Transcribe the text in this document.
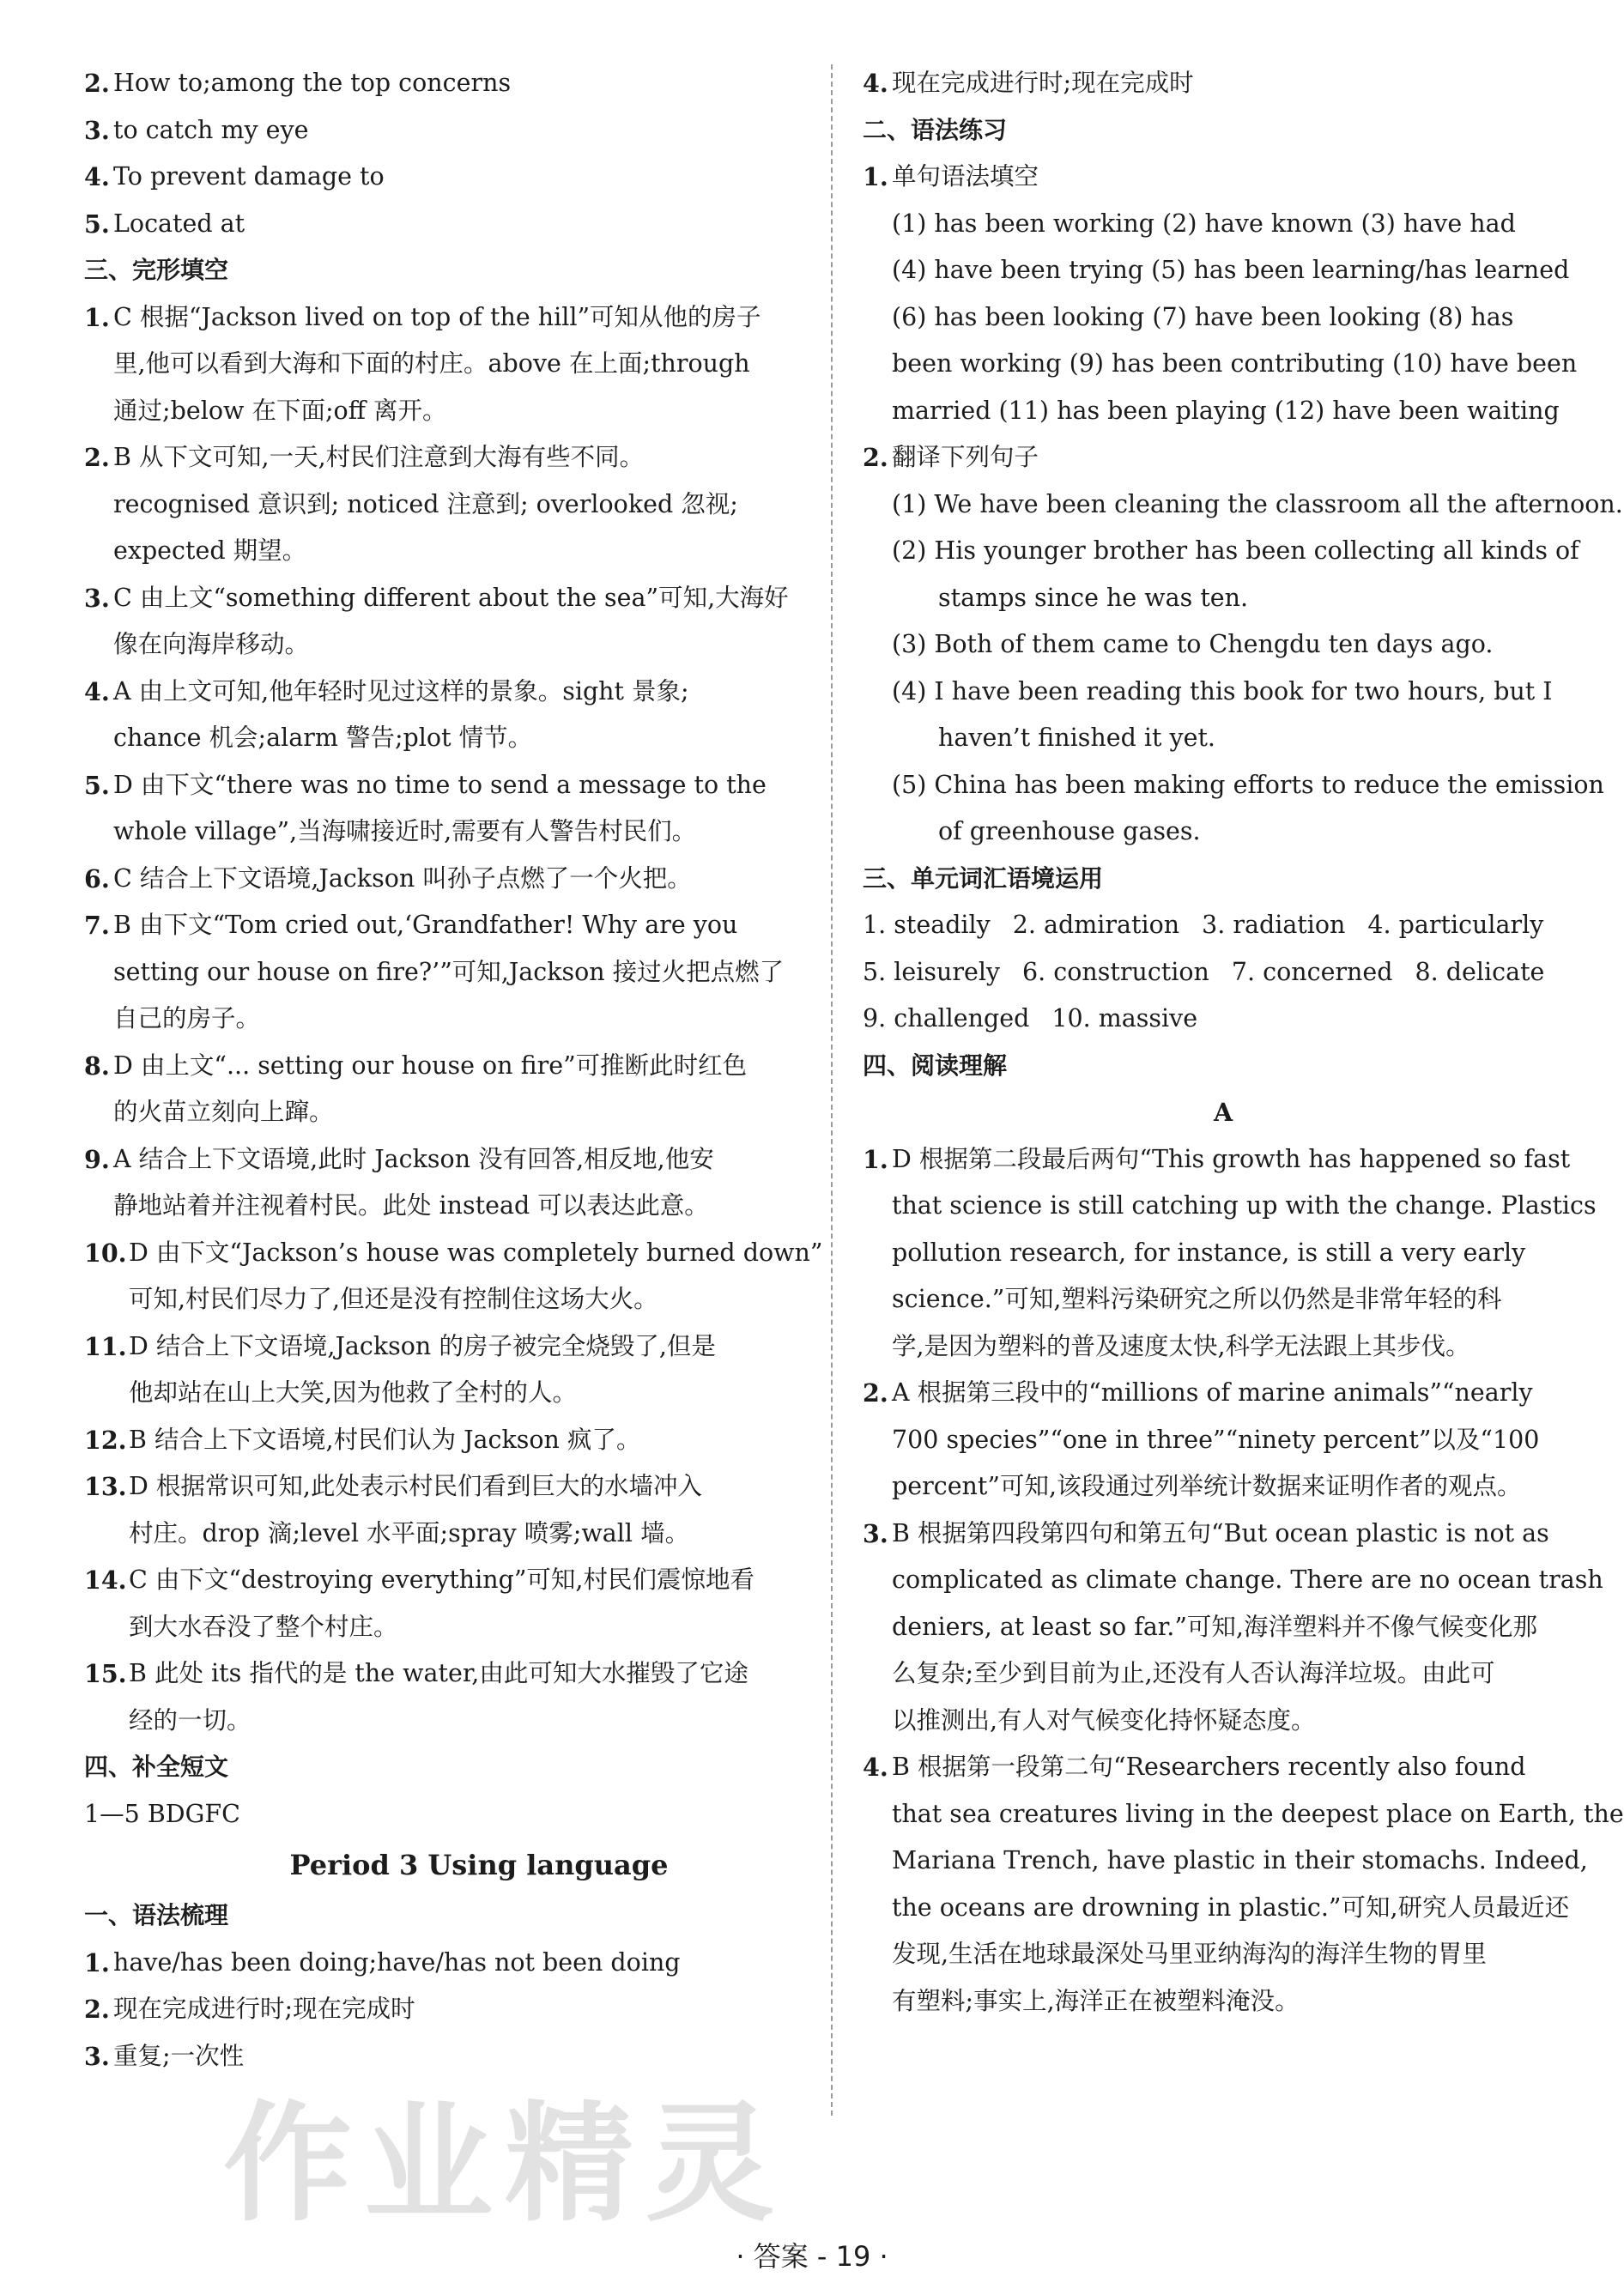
2. How to;among the top concerns
3. to catch my eye
4. To prevent damage to
5. Located at
三、完形填空
1. C 根据“Jackson lived on top of the hill”可知从他的房子
里,他可以看到大海和下面的村庄。above 在上面;through
通过;below 在下面;off 离开。
2. B 从下文可知,一天,村民们注意到大海有些不同。
recognised 意识到; noticed 注意到; overlooked 忽视;
expected 期望。
3. C 由上文“something different about the sea”可知,大海好
像在向海岸移动。
4. A 由上文可知,他年轻时见过这样的景象。sight 景象;
chance 机会;alarm 警告;plot 情节。
5. D 由下文“there was no time to send a message to the
whole village”,当海啸接近时,需要有人警告村民们。
6. C 结合上下文语境,Jackson 叫孙子点燃了一个火把。
7. B 由下文“Tom cried out,‘Grandfather! Why are you
setting our house on fire?’”可知,Jackson 接过火把点燃了
自己的房子。
8. D 由上文“... setting our house on fire”可推断此时红色
的火苗立刻向上蹿。
9. A 结合上下文语境,此时 Jackson 没有回答,相反地,他安
静地站着并注视着村民。此处 instead 可以表达此意。
10. D 由下文“Jackson’s house was completely burned down”
可知,村民们尽力了,但还是没有控制住这场大火。
11. D 结合上下文语境,Jackson 的房子被完全烧毁了,但是
他却站在山上大笑,因为他救了全村的人。
12. B 结合上下文语境,村民们认为 Jackson 疯了。
13. D 根据常识可知,此处表示村民们看到巨大的水墙冲入
村庄。drop 滴;level 水平面;spray 喷雾;wall 墙。
14. C 由下文“destroying everything”可知,村民们震惊地看
到大水吞没了整个村庄。
15. B 此处 its 指代的是 the water,由此可知大水摧毁了它途
经的一切。
四、补全短文
1—5 BDGFC
Period 3 Using language
一、语法梳理
1. have/has been doing;have/has not been doing
2. 现在完成进行时;现在完成时
3. 重复;一次性
4. 现在完成进行时;现在完成时
二、语法练习
1. 单句语法填空
(1) has been working (2) have known (3) have had
(4) have been trying (5) has been learning/has learned
(6) has been looking (7) have been looking (8) has
been working (9) has been contributing (10) have been
married (11) has been playing (12) have been waiting
2. 翻译下列句子
(1) We have been cleaning the classroom all the afternoon.
(2) His younger brother has been collecting all kinds of
stamps since he was ten.
(3) Both of them came to Chengdu ten days ago.
(4) I have been reading this book for two hours, but I
haven’t finished it yet.
(5) China has been making efforts to reduce the emission
of greenhouse gases.
三、单元词汇语境运用
1. steadily 2. admiration 3. radiation 4. particularly
5. leisurely 6. construction 7. concerned 8. delicate
9. challenged 10. massive
四、阅读理解
A
1. D 根据第二段最后两句“This growth has happened so fast
that science is still catching up with the change. Plastics
pollution research, for instance, is still a very early
science.”可知,塑料污染研究之所以仍然是非常年轻的科
学,是因为塑料的普及速度太快,科学无法跟上其步伐。
2. A 根据第三段中的“millions of marine animals”“nearly
700 species”“one in three”“ninety percent”以及“100
percent”可知,该段通过列举统计数据来证明作者的观点。
3. B 根据第四段第四句和第五句“But ocean plastic is not as
complicated as climate change. There are no ocean trash
deniers, at least so far.”可知,海洋塑料并不像气候变化那
么复杂;至少到目前为止,还没有人否认海洋垃圾。由此可
以推测出,有人对气候变化持怀疑态度。
4. B 根据第一段第二句“Researchers recently also found
that sea creatures living in the deepest place on Earth, the
Mariana Trench, have plastic in their stomachs. Indeed,
the oceans are drowning in plastic.”可知,研究人员最近还
发现,生活在地球最深处马里亚纳海沟的海洋生物的胃里
有塑料;事实上,海洋正在被塑料淹没。
作业精灵
· 答案 - 19 ·
